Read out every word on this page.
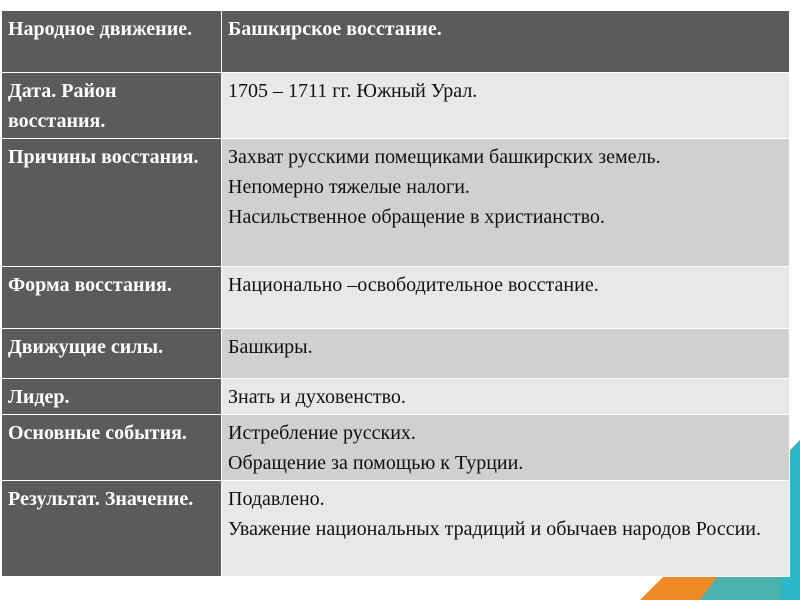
Народное движение.	Башкирское восстание.

Дата. Район восстания.	1705 – 1711 гг. Южный Урал.

Причины восстания.	Захват русскими помещиками башкирских земель.
Непомерно тяжелые налоги.
Насильственное обращение в христианство.

Форма восстания.	Национально –освободительное восстание.

Движущие силы.	Башкиры.

Лидер.	Знать и духовенство.

Основные события.	Истребление русских.
Обращение за помощью к Турции.

Результат. Значение.	Подавлено.
Уважение национальных традиций и обычаев народов России.
